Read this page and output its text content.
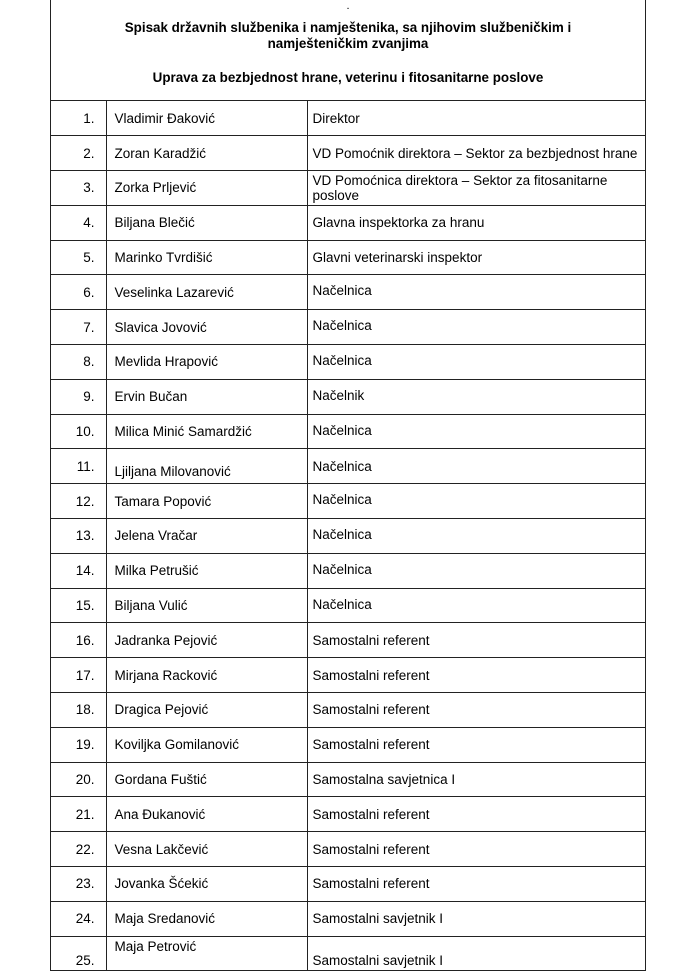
.
Spisak državnih službenika i namještenika, sa njihovim službeničkim i namješteničkim zvanjima
Uprava za bezbjednost hrane, veterinu i fitosanitarne poslove
1.	Vladimir Đaković	Direktor
2.	Zoran Karadžić	VD Pomoćnik direktora – Sektor za bezbjednost hrane
3.	Zorka Prljević	VD Pomoćnica direktora – Sektor za fitosanitarne poslove
4.	Biljana Blečić	Glavna inspektorka za hranu
5.	Marinko Tvrdišić	Glavni veterinarski inspektor
6.	Veselinka Lazarević	Načelnica
7.	Slavica Jovović	Načelnica
8.	Mevlida Hrapović	Načelnica
9.	Ervin Bučan	Načelnik
10.	Milica Minić Samardžić	Načelnica
11.	Ljiljana Milovanović	Načelnica
12.	Tamara Popović	Načelnica
13.	Jelena Vračar	Načelnica
14.	Milka Petrušić	Načelnica
15.	Biljana Vulić	Načelnica
16.	Jadranka Pejović	Samostalni referent
17.	Mirjana Racković	Samostalni referent
18.	Dragica Pejović	Samostalni referent
19.	Koviljka Gomilanović	Samostalni referent
20.	Gordana Fuštić	Samostalna savjetnica I
21.	Ana Đukanović	Samostalni referent
22.	Vesna Lakčević	Samostalni referent
23.	Jovanka Šćekić	Samostalni referent
24.	Maja Sredanović	Samostalni savjetnik I
25.	Maja Petrović	Samostalni savjetnik I
